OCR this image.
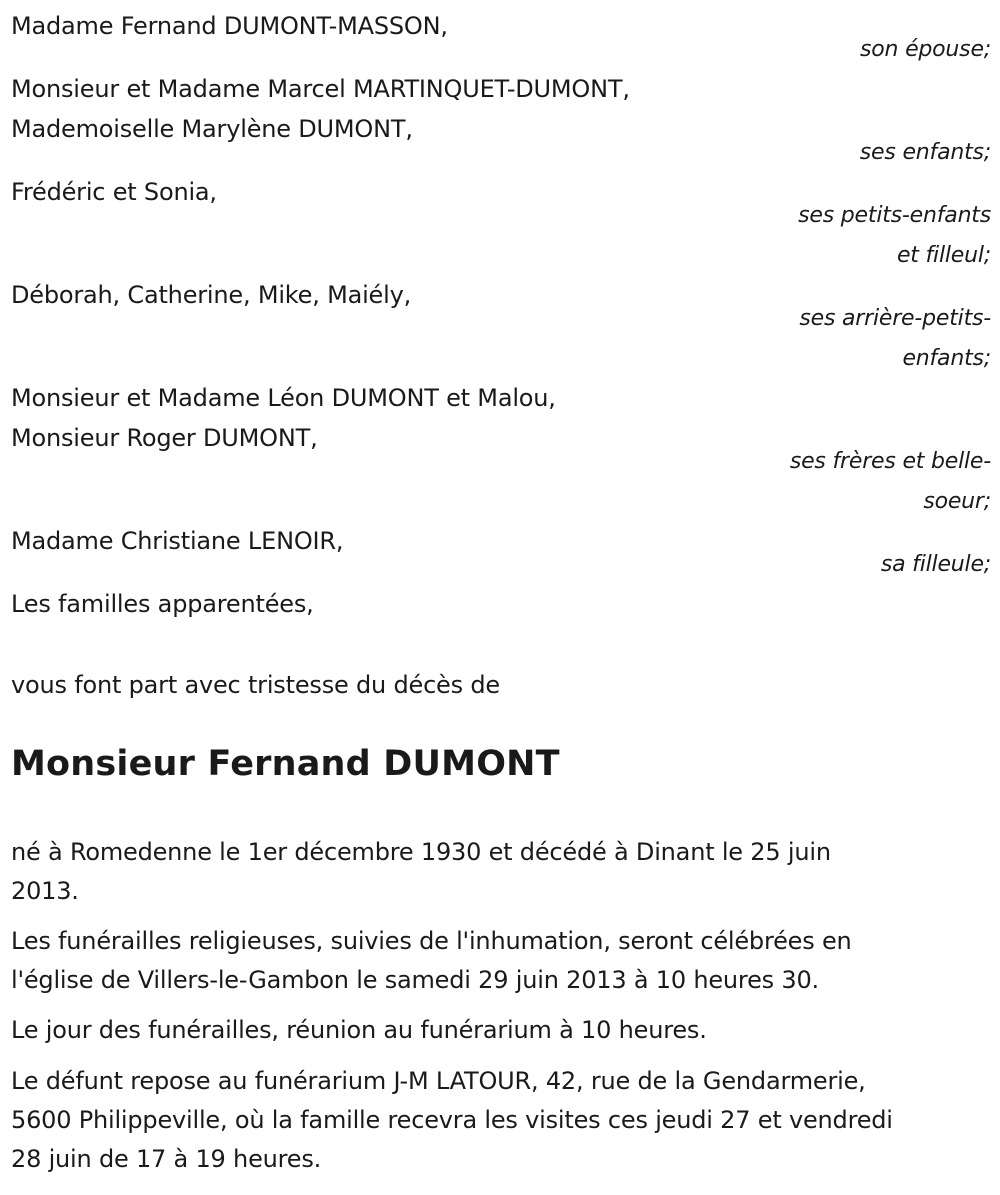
Madame Fernand DUMONT-MASSON,
son épouse;
Monsieur et Madame Marcel MARTINQUET-DUMONT,
Mademoiselle Marylène DUMONT,
ses enfants;
Frédéric et Sonia,
ses petits-enfants
et filleul;
Déborah, Catherine, Mike, Maiély,
ses arrière-petits-
enfants;
Monsieur et Madame Léon DUMONT et Malou,
Monsieur Roger DUMONT,
ses frères et belle-
soeur;
Madame Christiane LENOIR,
sa filleule;
Les familles apparentées,
vous font part avec tristesse du décès de
Monsieur Fernand DUMONT
né à Romedenne le 1er décembre 1930 et décédé à Dinant le 25 juin
2013.
Les funérailles religieuses, suivies de l'inhumation, seront célébrées en
l'église de Villers-le-Gambon le samedi 29 juin 2013 à 10 heures 30.
Le jour des funérailles, réunion au funérarium à 10 heures.
Le défunt repose au funérarium J-M LATOUR, 42, rue de la Gendarmerie,
5600 Philippeville, où la famille recevra les visites ces jeudi 27 et vendredi
28 juin de 17 à 19 heures.
